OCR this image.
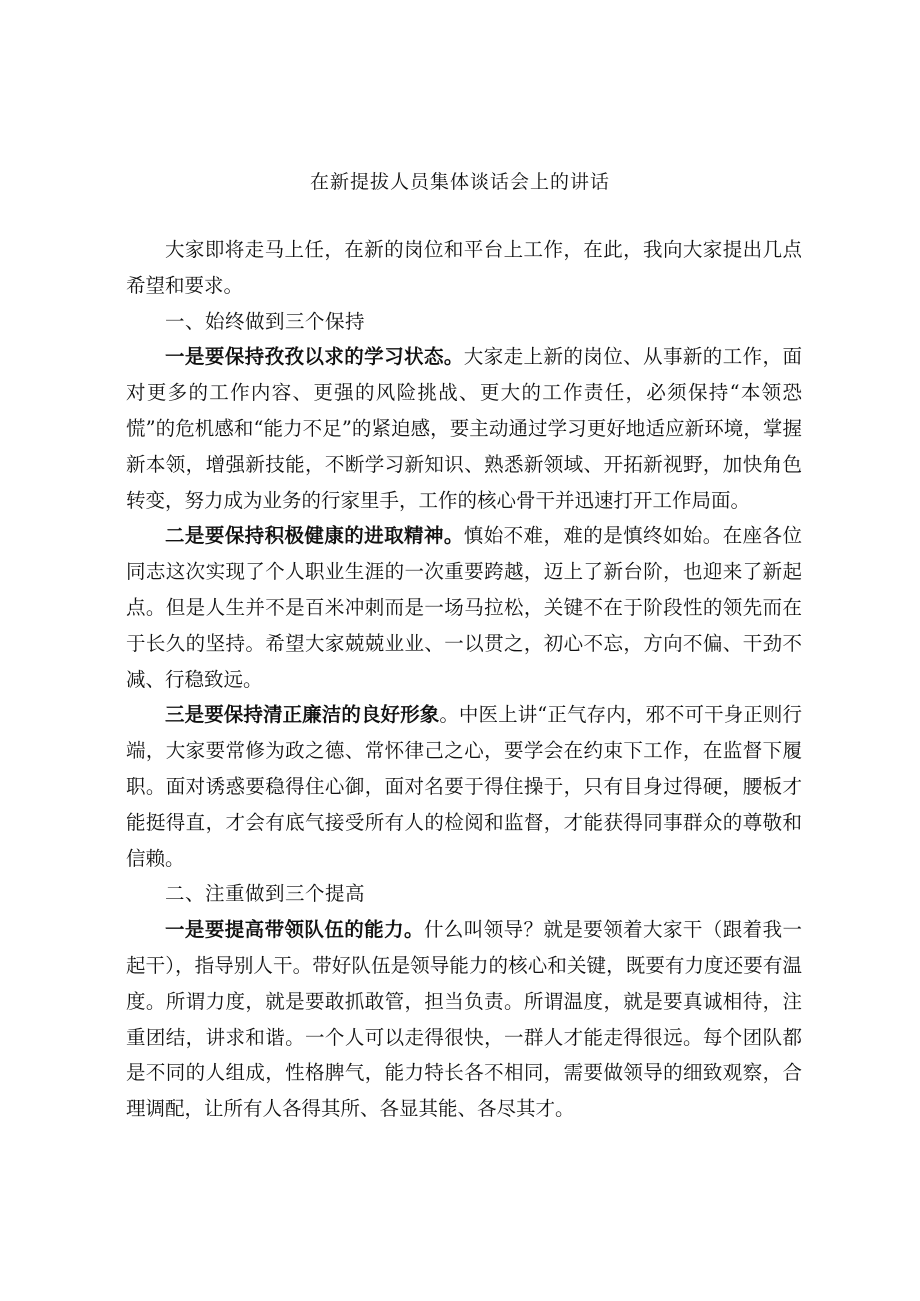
在新提拔人员集体谈话会上的讲话

大家即将走马上任，在新的岗位和平台上工作，在此，我向大家提出几点希望和要求。

一、始终做到三个保持

一是要保持孜孜以求的学习状态。大家走上新的岗位、从事新的工作，面对更多的工作内容、更强的风险挑战、更大的工作责任，必须保持“本领恐慌”的危机感和“能力不足”的紧迫感，要主动通过学习更好地适应新环境，掌握新本领，增强新技能，不断学习新知识、熟悉新领域、开拓新视野，加快角色转变，努力成为业务的行家里手，工作的核心骨干并迅速打开工作局面。

二是要保持积极健康的进取精神。慎始不难，难的是慎终如始。在座各位同志这次实现了个人职业生涯的一次重要跨越，迈上了新台阶，也迎来了新起点。但是人生并不是百米冲刺而是一场马拉松，关键不在于阶段性的领先而在于长久的坚持。希望大家兢兢业业、一以贯之，初心不忘，方向不偏、干劲不减、行稳致远。

三是要保持清正廉洁的良好形象。中医上讲“正气存内，邪不可干身正则行端，大家要常修为政之德、常怀律己之心，要学会在约束下工作，在监督下履职。面对诱惑要稳得住心御，面对名要于得住操于，只有目身过得硬，腰板才能挺得直，才会有底气接受所有人的检阅和监督，才能获得同事群众的尊敬和信赖。

二、注重做到三个提高

一是要提高带领队伍的能力。什么叫领导？就是要领着大家干（跟着我一起干），指导别人干。带好队伍是领导能力的核心和关键，既要有力度还要有温度。所谓力度，就是要敢抓敢管，担当负责。所谓温度，就是要真诚相待，注重团结，讲求和谐。一个人可以走得很快，一群人才能走得很远。每个团队都是不同的人组成，性格脾气，能力特长各不相同，需要做领导的细致观察，合理调配，让所有人各得其所、各显其能、各尽其才。
